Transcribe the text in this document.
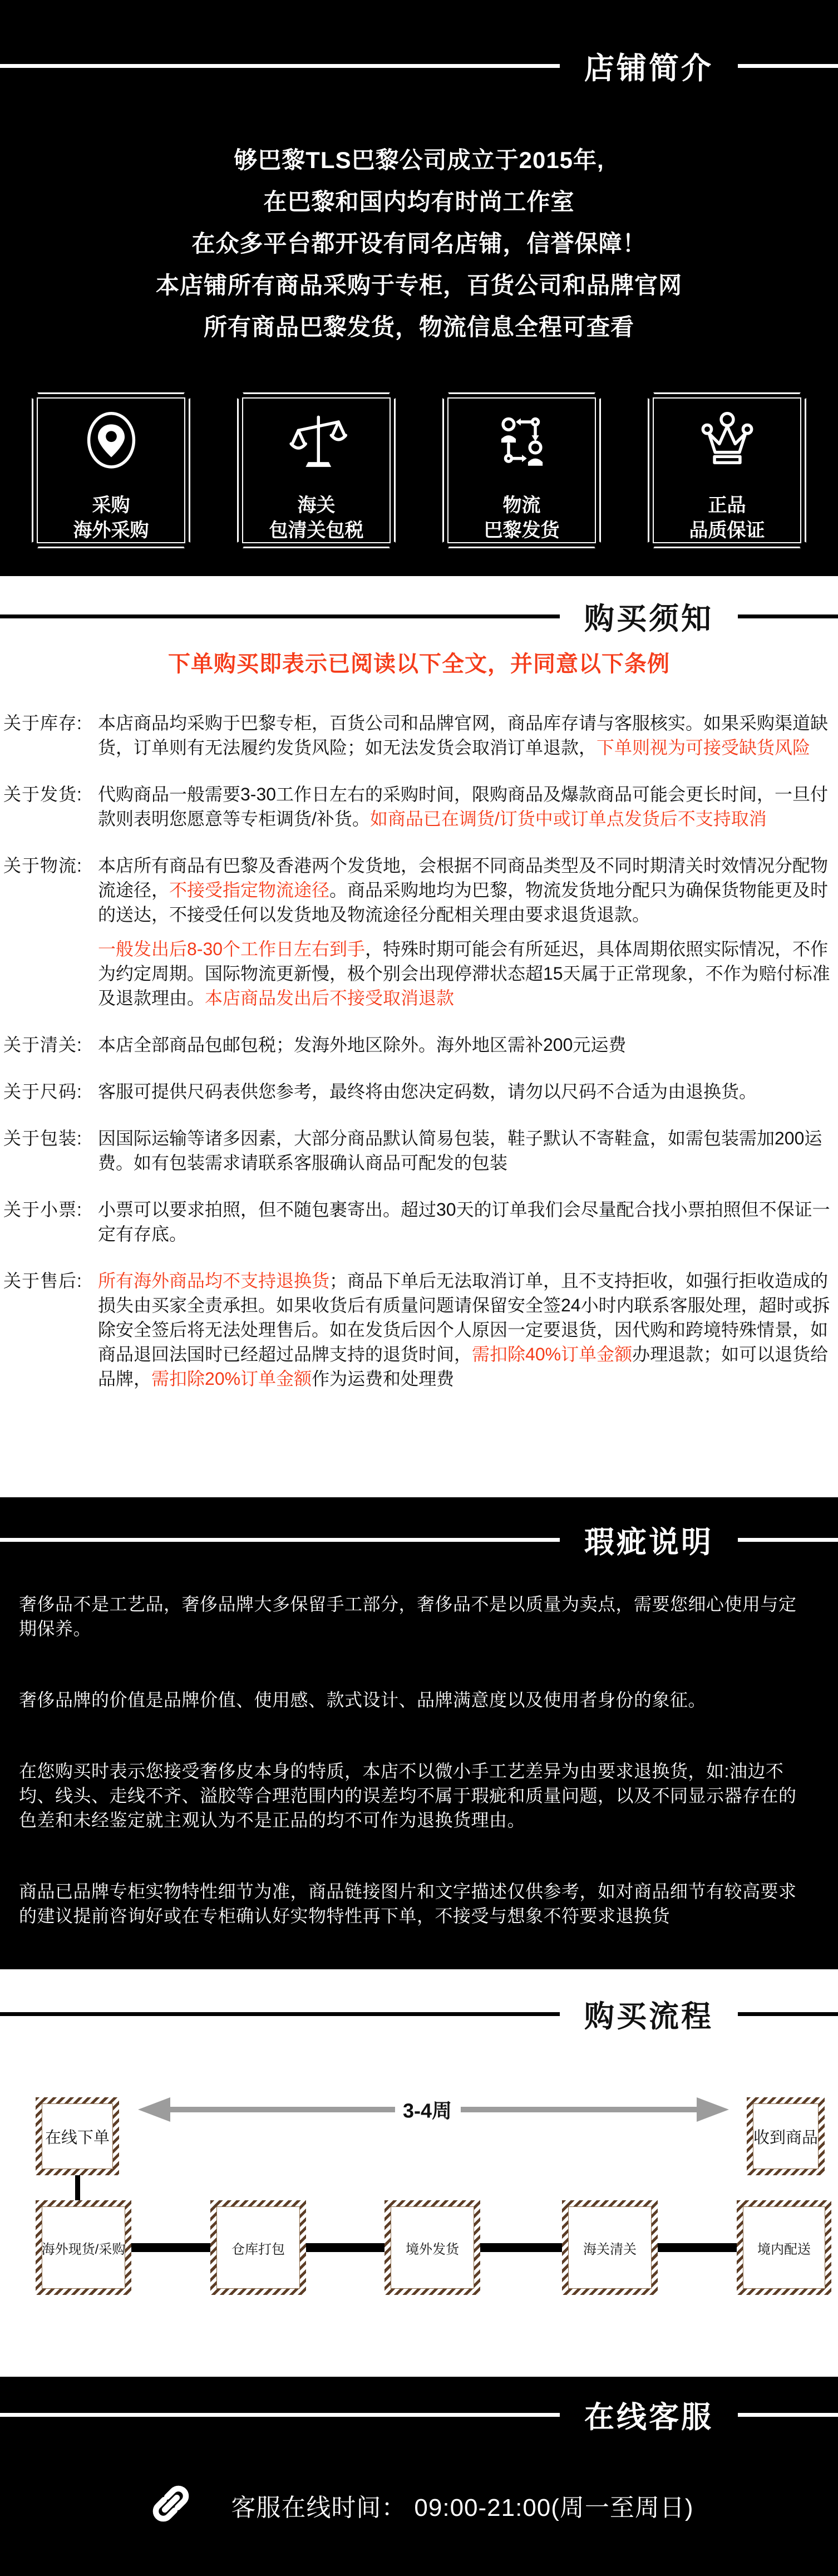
店铺简介

够巴黎TLS巴黎公司成立于2015年,

在巴黎和国内均有时尚工作室

在众多平台都开设有同名店铺，信誉保障！

本店铺所有商品采购于专柜，百货公司和品牌官网

所有商品巴黎发货，物流信息全程可查看

采购
海外采购
海关
包清关包税
物流
巴黎发货
正品
品质保证
购买须知

下单购买即表示已阅读以下全文，并同意以下条例

关于库存: 本店商品均采购于巴黎专柜，百货公司和品牌官网，商品库存请与客服核实。如果采购渠道缺货，订单则有无法履约发货风险；如无法发货会取消订单退款，下单则视为可接受缺货风险

关于发货: 代购商品一般需要3-30工作日左右的采购时间，限购商品及爆款商品可能会更长时间，一旦付款则表明您愿意等专柜调货/补货。如商品已在调货/订货中或订单点发货后不支持取消

关于物流: 本店所有商品有巴黎及香港两个发货地，会根据不同商品类型及不同时期清关时效情况分配物流途径，不接受指定物流途径。商品采购地均为巴黎，物流发货地分配只为确保货物能更及时的送达，不接受任何以发货地及物流途径分配相关理由要求退货退款。

一般发出后8-30个工作日左右到手，特殊时期可能会有所延迟，具体周期依照实际情况，不作为约定周期。国际物流更新慢，极个别会出现停滞状态超15天属于正常现象，不作为赔付标准及退款理由。本店商品发出后不接受取消退款

关于清关: 本店全部商品包邮包税；发海外地区除外。海外地区需补200元运费

关于尺码: 客服可提供尺码表供您参考，最终将由您决定码数，请勿以尺码不合适为由退换货。

关于包装: 因国际运输等诸多因素，大部分商品默认简易包装，鞋子默认不寄鞋盒，如需包装需加200运费。如有包装需求请联系客服确认商品可配发的包装

关于小票: 小票可以要求拍照，但不随包裹寄出。超过30天的订单我们会尽量配合找小票拍照但不保证一定有存底。

关于售后: 所有海外商品均不支持退换货；商品下单后无法取消订单，且不支持拒收，如强行拒收造成的损失由买家全责承担。如果收货后有质量问题请保留安全签24小时内联系客服处理，超时或拆除安全签后将无法处理售后。如在发货后因个人原因一定要退货，因代购和跨境特殊情景，如商品退回法国时已经超过品牌支持的退货时间，需扣除40%订单金额办理退款；如可以退货给品牌，需扣除20%订单金额作为运费和处理费

瑕疵说明

奢侈品不是工艺品，奢侈品牌大多保留手工部分，奢侈品不是以质量为卖点，需要您细心使用与定期保养。

奢侈品牌的价值是品牌价值、使用感、款式设计、品牌满意度以及使用者身份的象征。

在您购买时表示您接受奢侈皮本身的特质，本店不以微小手工艺差异为由要求退换货，如:油边不均、线头、走线不齐、溢胶等合理范围内的误差均不属于瑕疵和质量问题，以及不同显示器存在的色差和未经鉴定就主观认为不是正品的均不可作为退换货理由。

商品已品牌专柜实物特性细节为准，商品链接图片和文字描述仅供参考，如对商品细节有较高要求的建议提前咨询好或在专柜确认好实物特性再下单，不接受与想象不符要求退换货

购买流程
3-4周
在线下单	收到商品
海外现货/采购	仓库打包	境外发货	海关清关	境内配送
在线客服
客服在线时间： 09:00-21:00(周一至周日)
